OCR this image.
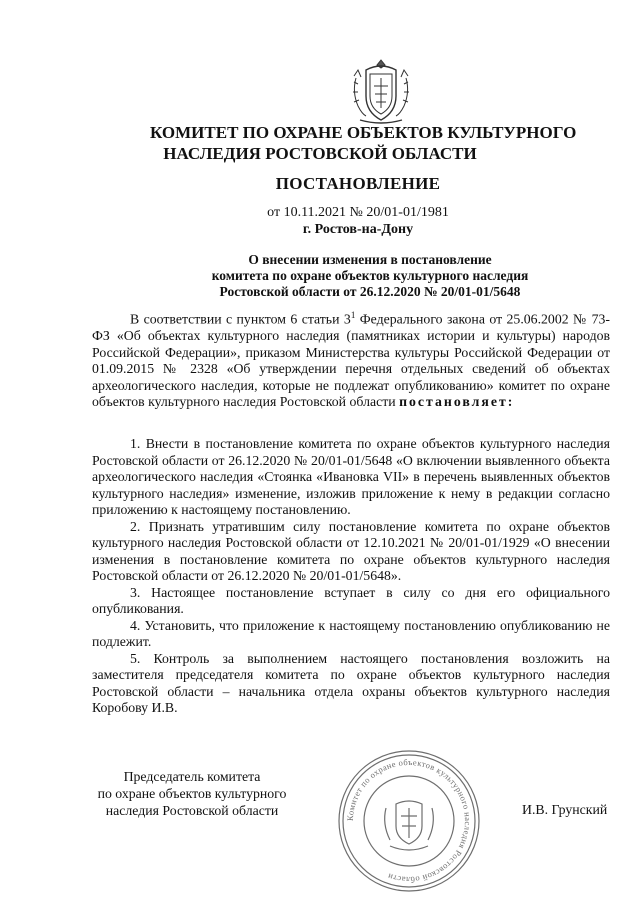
КОМИТЕТ ПО ОХРАНЕ ОБЪЕКТОВ КУЛЬТУРНОГО
НАСЛЕДИЯ РОСТОВСКОЙ ОБЛАСТИ
ПОСТАНОВЛЕНИЕ
от 10.11.2021 № 20/01-01/1981
г. Ростов-на-Дону
О внесении изменения в постановление
комитета по охране объектов культурного наследия
Ростовской области от 26.12.2020 № 20/01-01/5648

В соответствии с пунктом 6 статьи $3^1$ Федерального закона от 25.06.2002 № 73-ФЗ «Об объектах культурного наследия (памятниках истории и культуры) народов Российской Федерации», приказом Министерства культуры Российской Федерации от 01.09.2015 № 2328 «Об утверждении перечня отдельных сведений об объектах археологического наследия, которые не подлежат опубликованию» комитет по охране объектов культурного наследия Ростовской области постановляет:

1. Внести в постановление комитета по охране объектов культурного наследия Ростовской области от 26.12.2020 № 20/01-01/5648 «О включении выявленного объекта археологического наследия «Стоянка «Ивановка VII» в перечень выявленных объектов культурного наследия» изменение, изложив приложение к нему в редакции согласно приложению к настоящему постановлению.

2. Признать утратившим силу постановление комитета по охране объектов культурного наследия Ростовской области от 12.10.2021 № 20/01-01/1929 «О внесении изменения в постановление комитета по охране объектов культурного наследия Ростовской области от 26.12.2020 № 20/01-01/5648».

3. Настоящее постановление вступает в силу со дня его официального опубликования.

4. Установить, что приложение к настоящему постановлению опубликованию не подлежит.

5. Контроль за выполнением настоящего постановления возложить на заместителя председателя комитета по охране объектов культурного наследия Ростовской области – начальника отдела охраны объектов культурного наследия Коробову И.В.

Председатель комитета
по охране объектов культурного
наследия Ростовской области
Комитет по охране объектов культурного наследия Ростовской области
И.В. Грунский
